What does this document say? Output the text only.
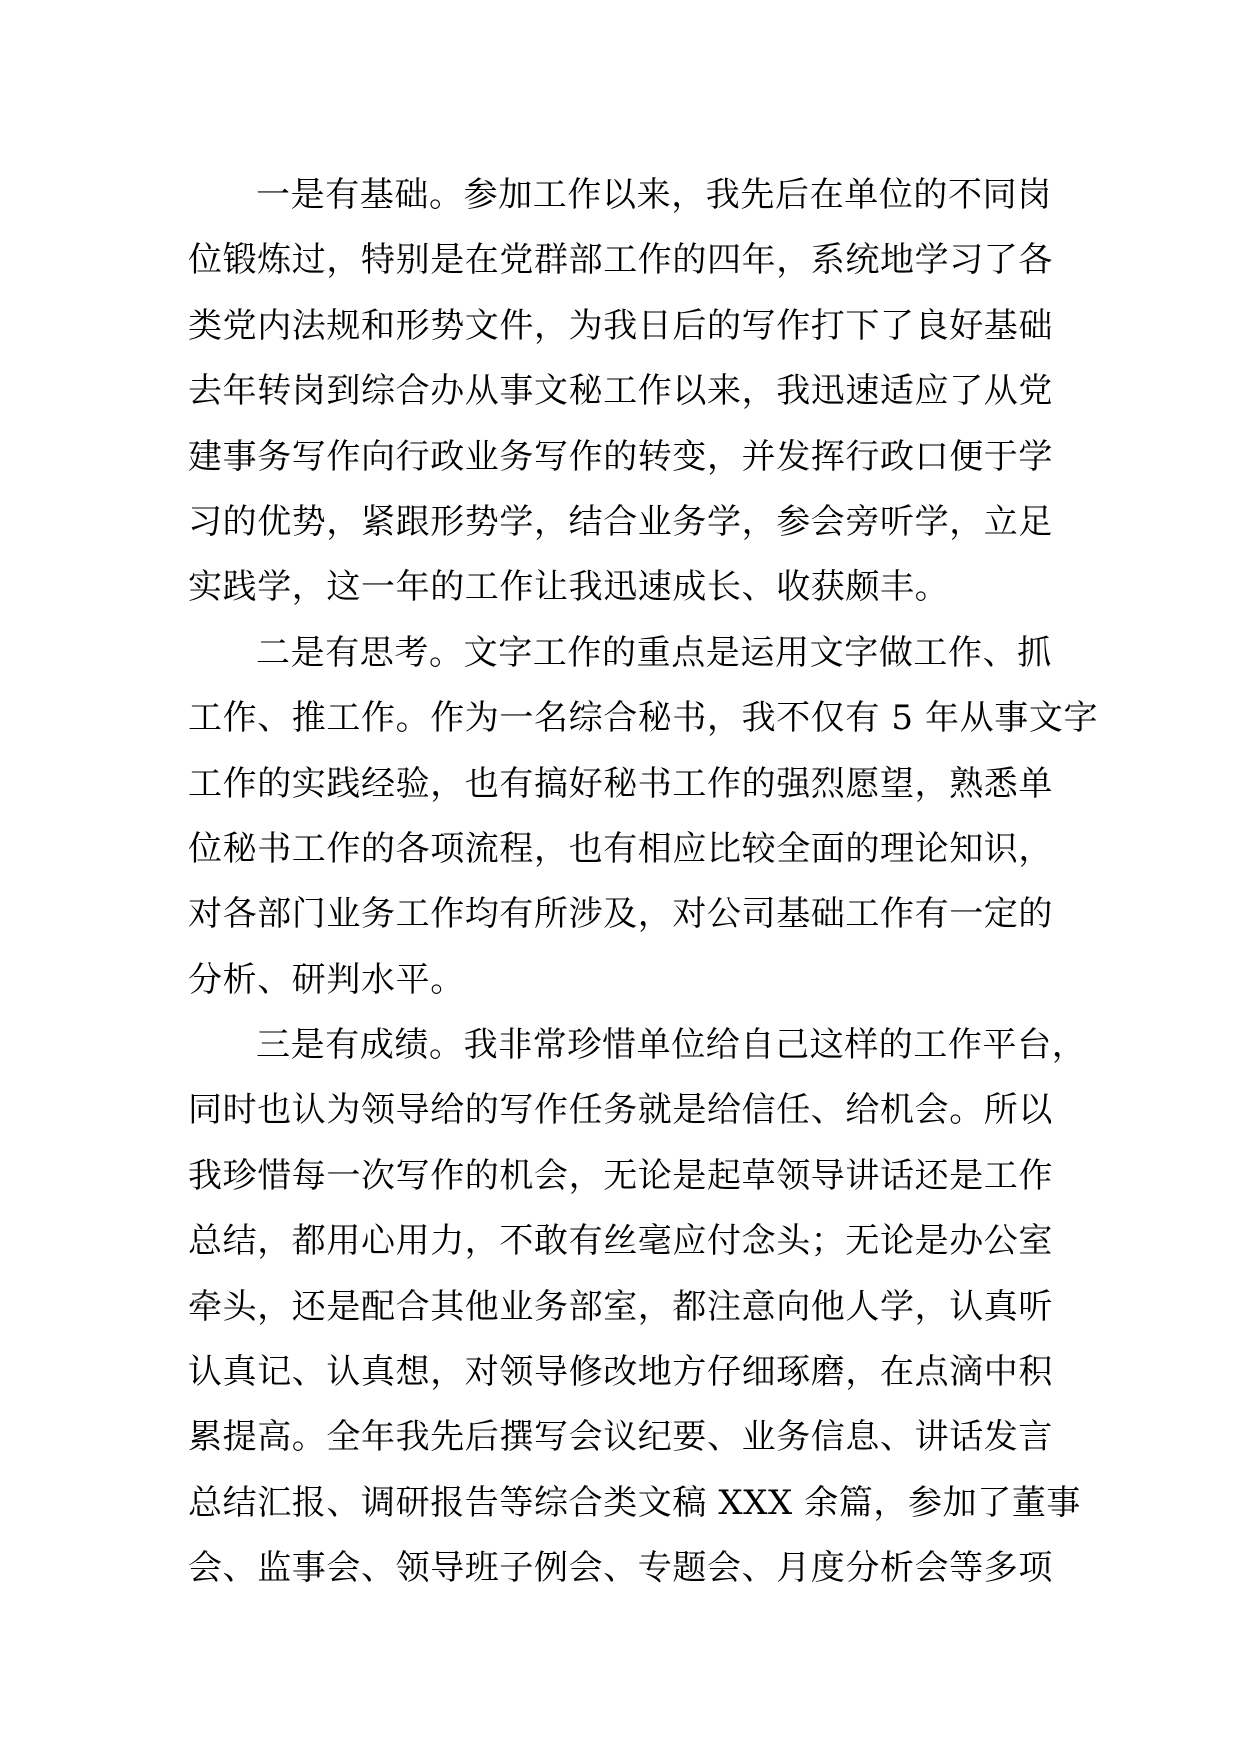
一是有基础。参加工作以来，我先后在单位的不同岗
位锻炼过，特别是在党群部工作的四年，系统地学习了各
类党内法规和形势文件，为我日后的写作打下了良好基础
去年转岗到综合办从事文秘工作以来，我迅速适应了从党
建事务写作向行政业务写作的转变，并发挥行政口便于学
习的优势，紧跟形势学，结合业务学，参会旁听学，立足
实践学，这一年的工作让我迅速成长、收获颇丰。
二是有思考。文字工作的重点是运用文字做工作、抓
工作、推工作。作为一名综合秘书，我不仅有 5 年从事文字
工作的实践经验，也有搞好秘书工作的强烈愿望，熟悉单
位秘书工作的各项流程，也有相应比较全面的理论知识，
对各部门业务工作均有所涉及，对公司基础工作有一定的
分析、研判水平。
三是有成绩。我非常珍惜单位给自己这样的工作平台，
同时也认为领导给的写作任务就是给信任、给机会。所以
我珍惜每一次写作的机会，无论是起草领导讲话还是工作
总结，都用心用力，不敢有丝毫应付念头；无论是办公室
牵头，还是配合其他业务部室，都注意向他人学，认真听
认真记、认真想，对领导修改地方仔细琢磨，在点滴中积
累提高。全年我先后撰写会议纪要、业务信息、讲话发言
总结汇报、调研报告等综合类文稿 XXX 余篇，参加了董事
会、监事会、领导班子例会、专题会、月度分析会等多项
